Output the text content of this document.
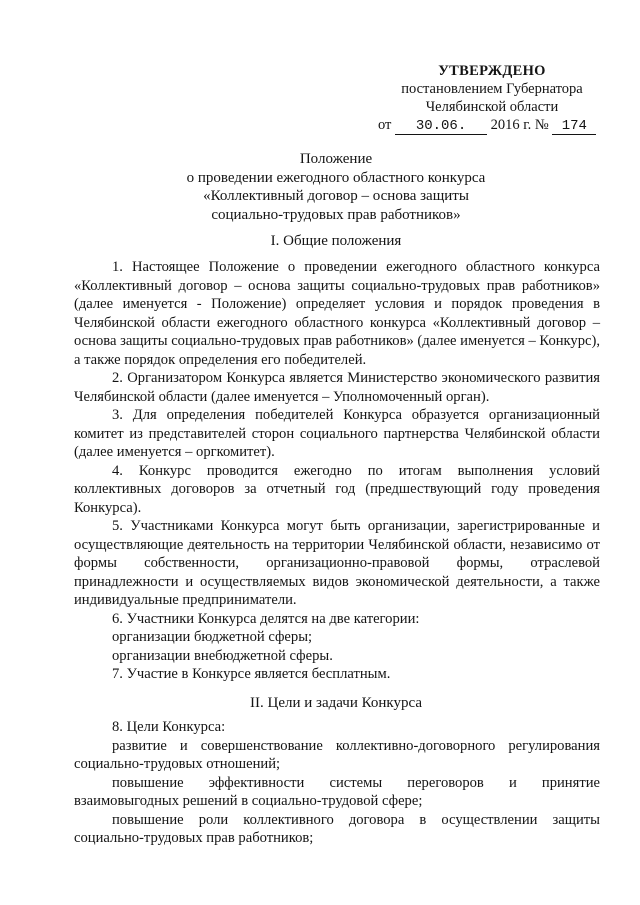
УТВЕРЖДЕНО
постановлением Губернатора
Челябинской области
от 30.06. 2016 г. № 174
Положение
о проведении ежегодного областного конкурса
«Коллективный договор – основа защиты
социально-трудовых прав работников»
I. Общие положения

1. Настоящее Положение о проведении ежегодного областного конкурса «Коллективный договор – основа защиты социально-трудовых прав работников» (далее именуется - Положение) определяет условия и порядок проведения в Челябинской области ежегодного областного конкурса «Коллективный договор – основа защиты социально-трудовых прав работников» (далее именуется – Конкурс), а также порядок определения его победителей.

2. Организатором Конкурса является Министерство экономического развития Челябинской области (далее именуется – Уполномоченный орган).

3. Для определения победителей Конкурса образуется организационный комитет из представителей сторон социального партнерства Челябинской области (далее именуется – оргкомитет).

4. Конкурс проводится ежегодно по итогам выполнения условий коллективных договоров за отчетный год (предшествующий году проведения Конкурса).

5. Участниками Конкурса могут быть организации, зарегистрированные и осуществляющие деятельность на территории Челябинской области, независимо от формы собственности, организационно-правовой формы, отраслевой принадлежности и осуществляемых видов экономической деятельности, а также индивидуальные предприниматели.

6. Участники Конкурса делятся на две категории:

организации бюджетной сферы;

организации внебюджетной сферы.

7. Участие в Конкурсе является бесплатным.

II. Цели и задачи Конкурса

8. Цели Конкурса:

развитие и совершенствование коллективно-договорного регулирования социально-трудовых отношений;

повышение эффективности системы переговоров и принятие взаимовыгодных решений в социально-трудовой сфере;

повышение роли коллективного договора в осуществлении защиты социально-трудовых прав работников;
